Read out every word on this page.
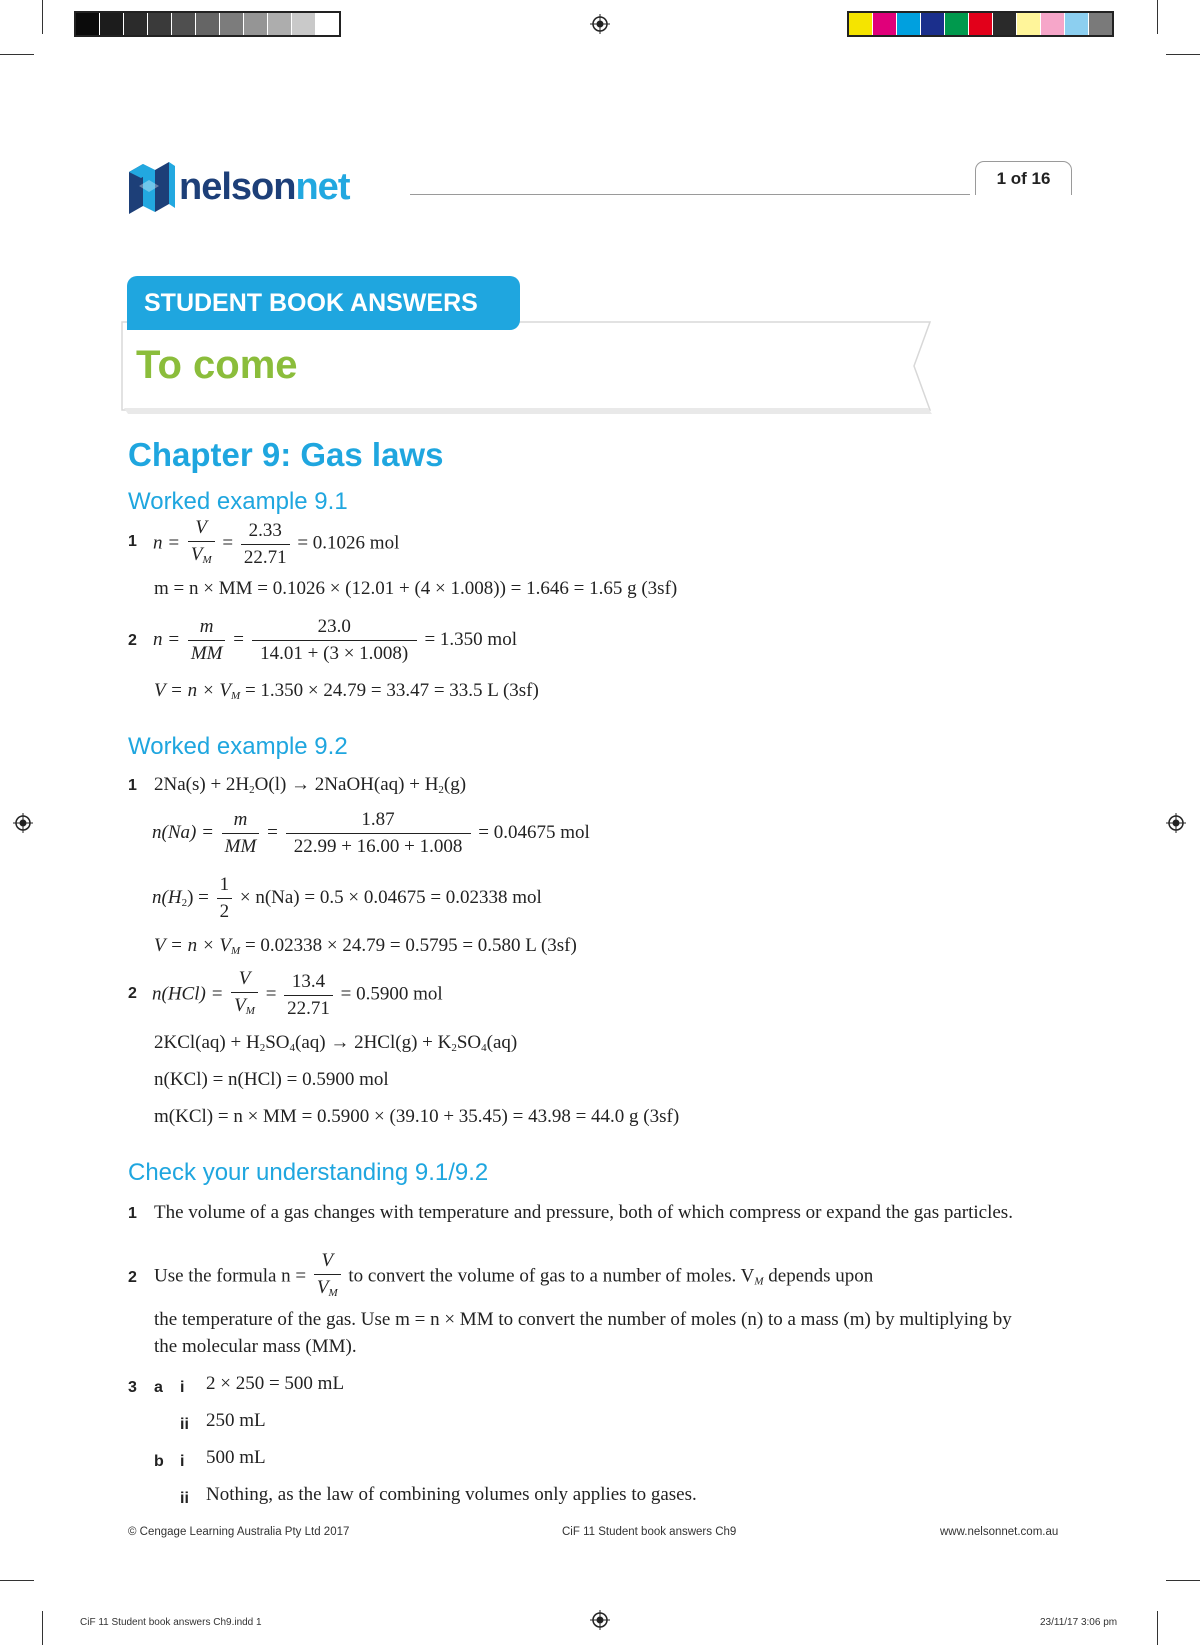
nelsonnet	1 of 16
STUDENT BOOK ANSWERS
To come
Chapter 9: Gas laws
Worked example 9.1
1 $n = \frac{V}{V_M} = \frac{2.33}{22.71} = 0.1026$ mol
m = n × MM = 0.1026 × (12.01 + (4 × 1.008)) = 1.646 = 1.65 g (3sf)
2 $n = \frac{m}{MM} = \frac{23.0}{14.01 + (3 \times 1.008)} = 1.350$ mol
$V = n \times V_M = 1.350 \times 24.79 = 33.47 = 33.5$ L (3sf)
Worked example 9.2
1 2Na(s) + 2H2O(l) → 2NaOH(aq) + H2(g)
$n(Na) = \frac{m}{MM} = \frac{1.87}{22.99 + 16.00 + 1.008} = 0.04675$ mol
$n(H2) = \frac{1}{2} \times n(Na) = 0.5 \times 0.04675 = 0.02338$ mol
$V = n \times V_M = 0.02338 \times 24.79 = 0.5795 = 0.580$ L (3sf)
2 $n(HCl) = \frac{V}{V_M} = \frac{13.4}{22.71} = 0.5900$ mol
2KCl(aq) + H2SO4(aq) → 2HCl(g) + K2SO4(aq)
n(KCl) = n(HCl) = 0.5900 mol
m(KCl) = n × MM = 0.5900 × (39.10 + 35.45) = 43.98 = 44.0 g (3sf)
Check your understanding 9.1/9.2
1 The volume of a gas changes with temperature and pressure, both of which compress or expand the gas particles.
2 Use the formula $n = \frac{V}{V_M}$ to convert the volume of gas to a number of moles. $V_M$ depends upon
the temperature of the gas. Use m = n × MM to convert the number of moles (n) to a mass (m) by multiplying by the molecular mass (MM).
3 a i 2 × 250 = 500 mL
ii 250 mL
b i 500 mL
ii Nothing, as the law of combining volumes only applies to gases.
© Cengage Learning Australia Pty Ltd 2017	CiF 11 Student book answers Ch9	www.nelsonnet.com.au
CiF 11 Student book answers Ch9.indd 1	23/11/17 3:06 pm
